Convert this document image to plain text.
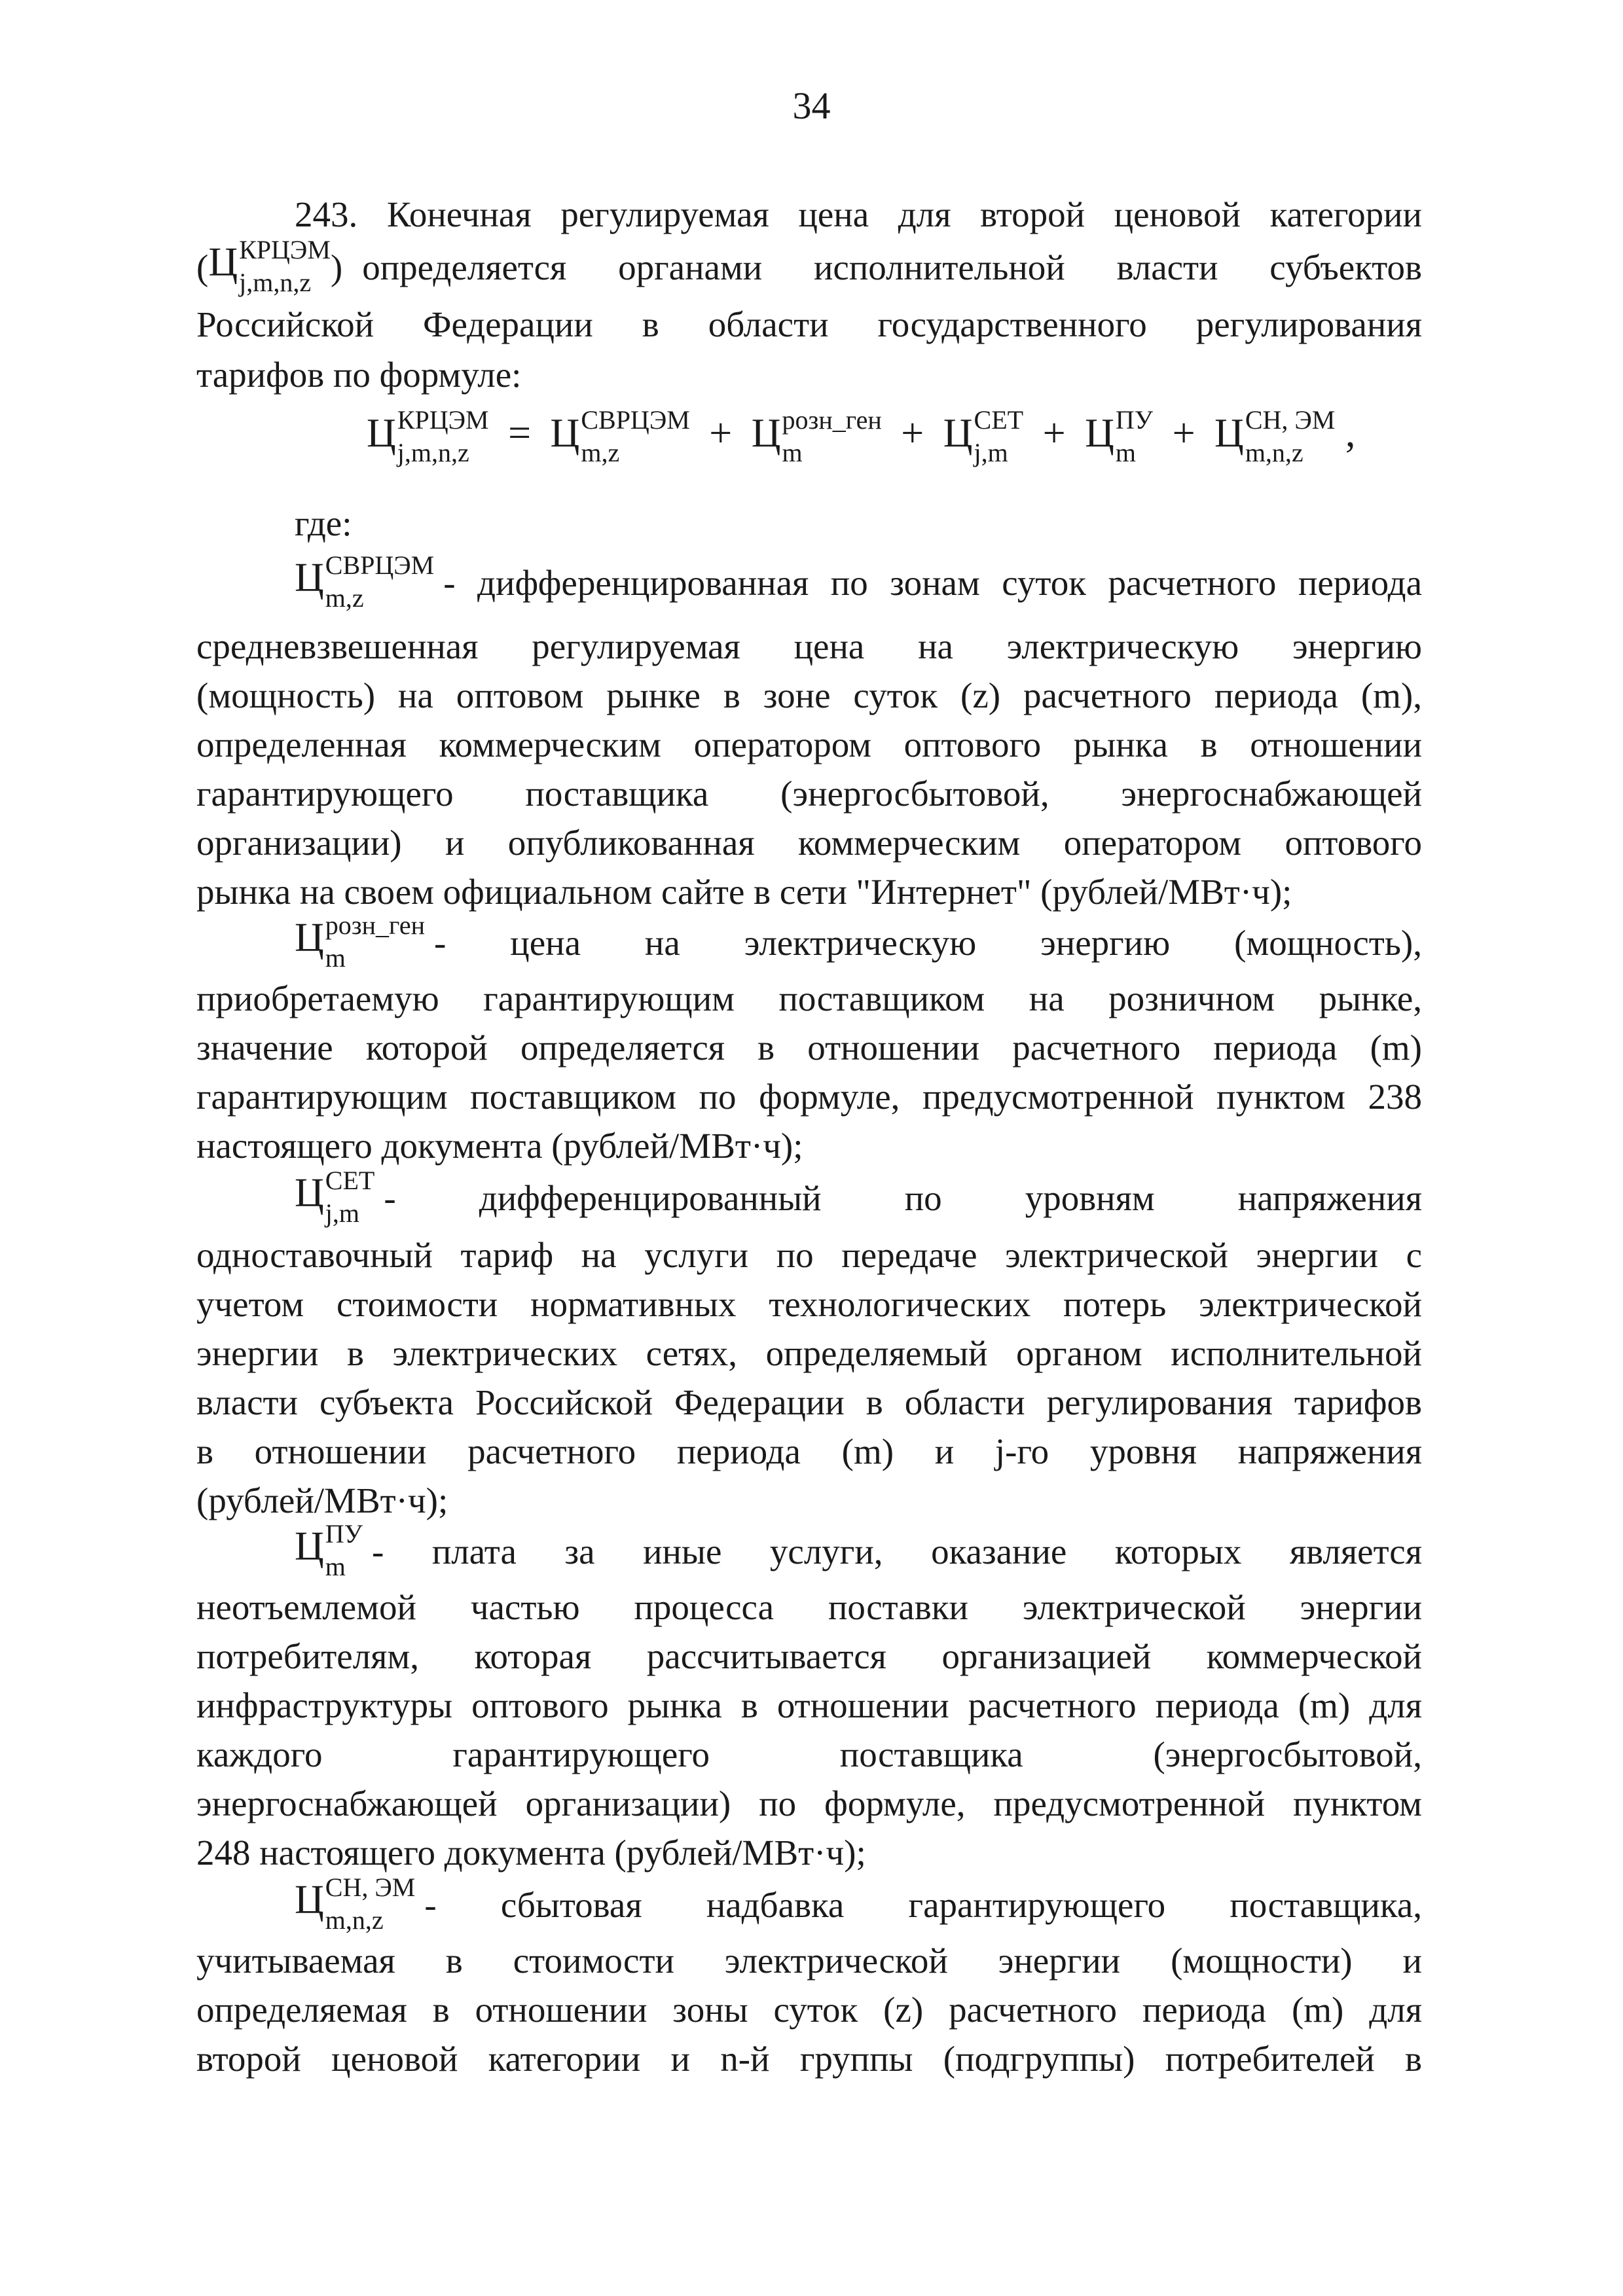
34
243. Конечная регулируемая цена для второй ценовой категории
( Ц КРЦЭМ
j,m,n,z ) определяется органами исполнительной власти субъектов
Российской Федерации в области государственного регулирования
тарифов по формуле:
Ц КРЦЭМ
j,m,n,z = Ц СВРЦЭМ
m,z	+ Ц розн_ген
m	+ Ц СЕТ
j,m + Ц ПУ
m + Ц СН, ЭМ
m,n,z	,
где:
Ц СВРЦЭМ
m,z	- дифференцированная по зонам суток расчетного периода
средневзвешенная регулируемая цена на электрическую энергию
(мощность) на оптовом рынке в зоне суток (z) расчетного периода (m),
определенная коммерческим оператором оптового рынка в отношении
гарантирующего поставщика (энергосбытовой, энергоснабжающей
организации) и опубликованная коммерческим оператором оптового
рынка на своем официальном сайте в сети "Интернет" (рублей/МВт·ч);
Ц розн_ген
m	- цена на электрическую энергию (мощность),
приобретаемую гарантирующим поставщиком на розничном рынке,
значение которой определяется в отношении расчетного периода (m)
гарантирующим поставщиком по формуле, предусмотренной пунктом 238
настоящего документа (рублей/МВт·ч);
Ц СЕТ
j,m - дифференцированный по уровням напряжения
одноставочный тариф на услуги по передаче электрической энергии с
учетом стоимости нормативных технологических потерь электрической
энергии в электрических сетях, определяемый органом исполнительной
власти субъекта Российской Федерации в области регулирования тарифов
в отношении расчетного периода (m) и j-го уровня напряжения
(рублей/МВт·ч);
Ц ПУ
m - плата за иные услуги, оказание которых является
неотъемлемой частью процесса поставки электрической энергии
потребителям, которая рассчитывается организацией коммерческой
инфраструктуры оптового рынка в отношении расчетного периода (m) для
каждого гарантирующего поставщика (энергосбытовой,
энергоснабжающей организации) по формуле, предусмотренной пунктом
248 настоящего документа (рублей/МВт·ч);
Ц СН, ЭМ
m,n,z	- сбытовая надбавка гарантирующего поставщика,
учитываемая в стоимости электрической энергии (мощности) и
определяемая в отношении зоны суток (z) расчетного периода (m) для
второй ценовой категории и n-й группы (подгруппы) потребителей в
